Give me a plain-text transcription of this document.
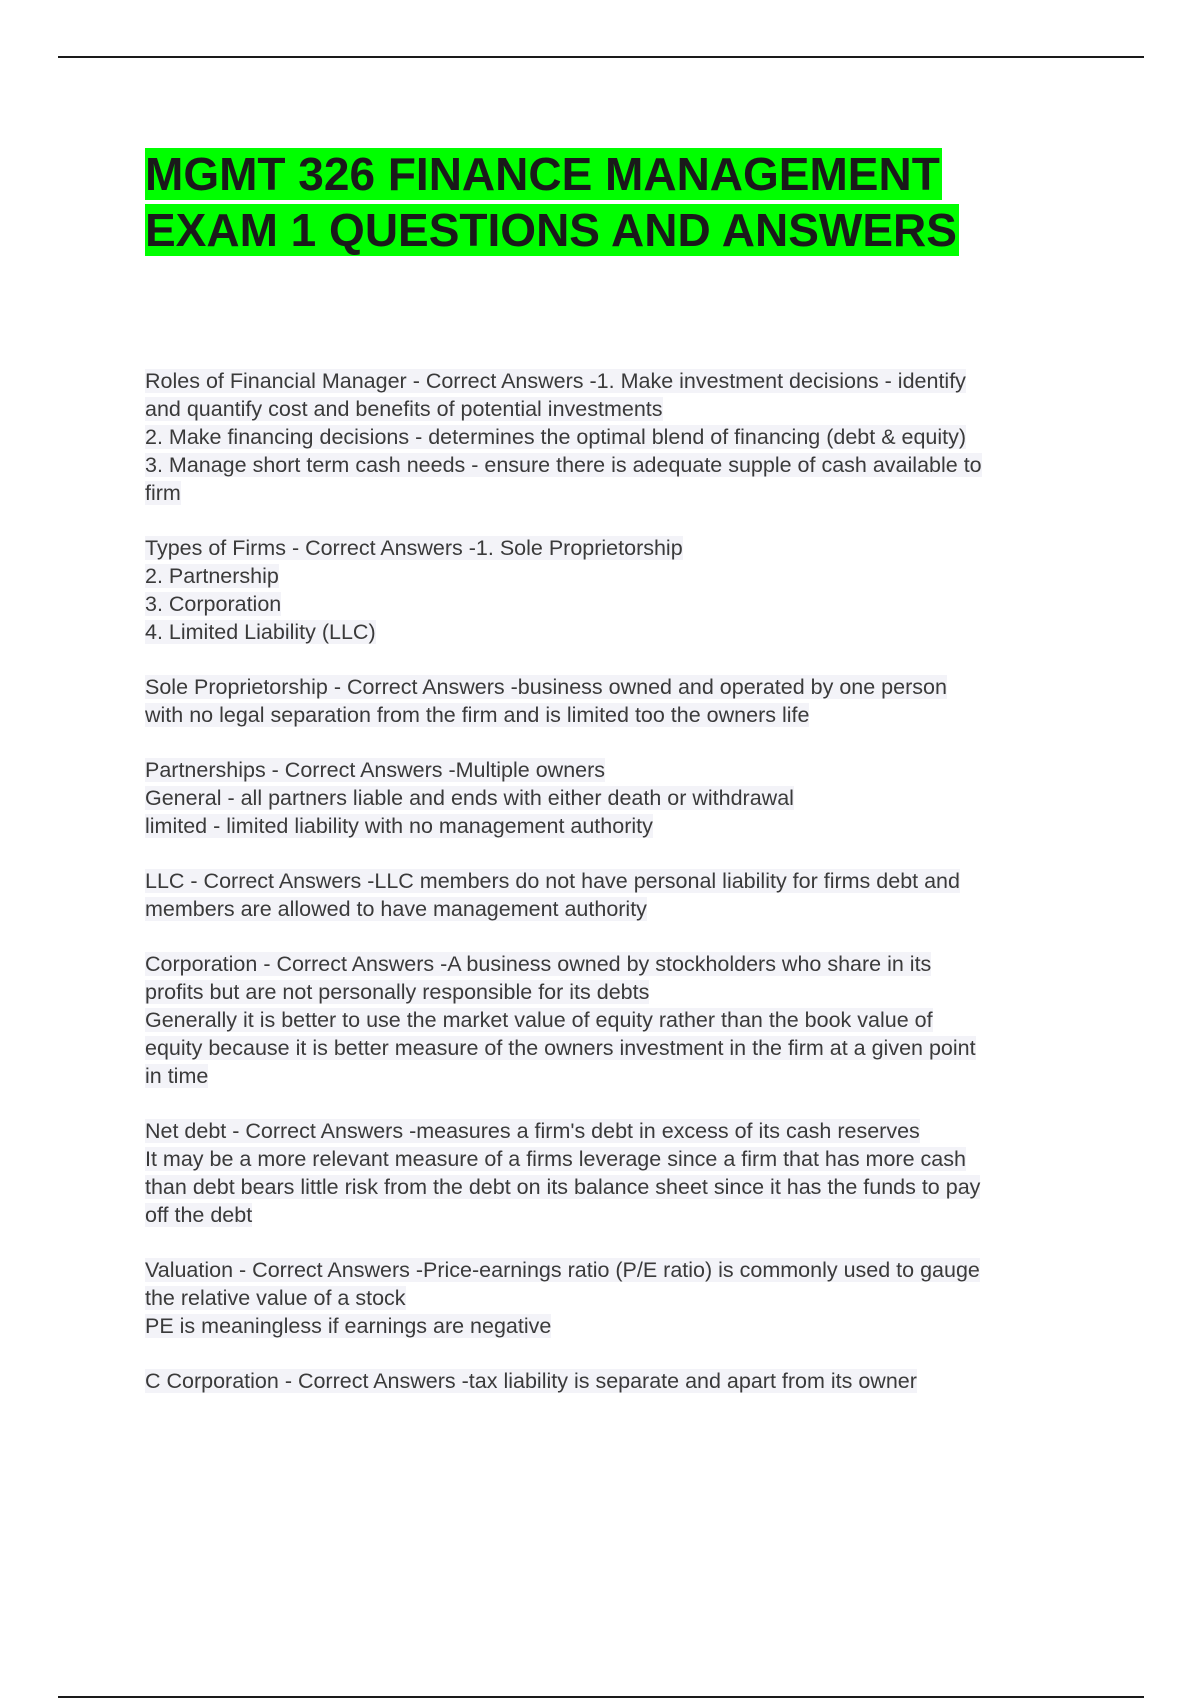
MGMT 326 FINANCE MANAGEMENT
EXAM 1 QUESTIONS AND ANSWERS
Roles of Financial Manager - Correct Answers -1. Make investment decisions - identify
and quantify cost and benefits of potential investments
2. Make financing decisions - determines the optimal blend of financing (debt & equity)
3. Manage short term cash needs - ensure there is adequate supple of cash available to
firm
Types of Firms - Correct Answers -1. Sole Proprietorship
2. Partnership
3. Corporation
4. Limited Liability (LLC)
Sole Proprietorship - Correct Answers -business owned and operated by one person
with no legal separation from the firm and is limited too the owners life
Partnerships - Correct Answers -Multiple owners
General - all partners liable and ends with either death or withdrawal
limited - limited liability with no management authority
LLC - Correct Answers -LLC members do not have personal liability for firms debt and
members are allowed to have management authority
Corporation - Correct Answers -A business owned by stockholders who share in its
profits but are not personally responsible for its debts
Generally it is better to use the market value of equity rather than the book value of
equity because it is better measure of the owners investment in the firm at a given point
in time
Net debt - Correct Answers -measures a firm's debt in excess of its cash reserves
It may be a more relevant measure of a firms leverage since a firm that has more cash
than debt bears little risk from the debt on its balance sheet since it has the funds to pay
off the debt
Valuation - Correct Answers -Price-earnings ratio (P/E ratio) is commonly used to gauge
the relative value of a stock
PE is meaningless if earnings are negative
C Corporation - Correct Answers -tax liability is separate and apart from its owner
